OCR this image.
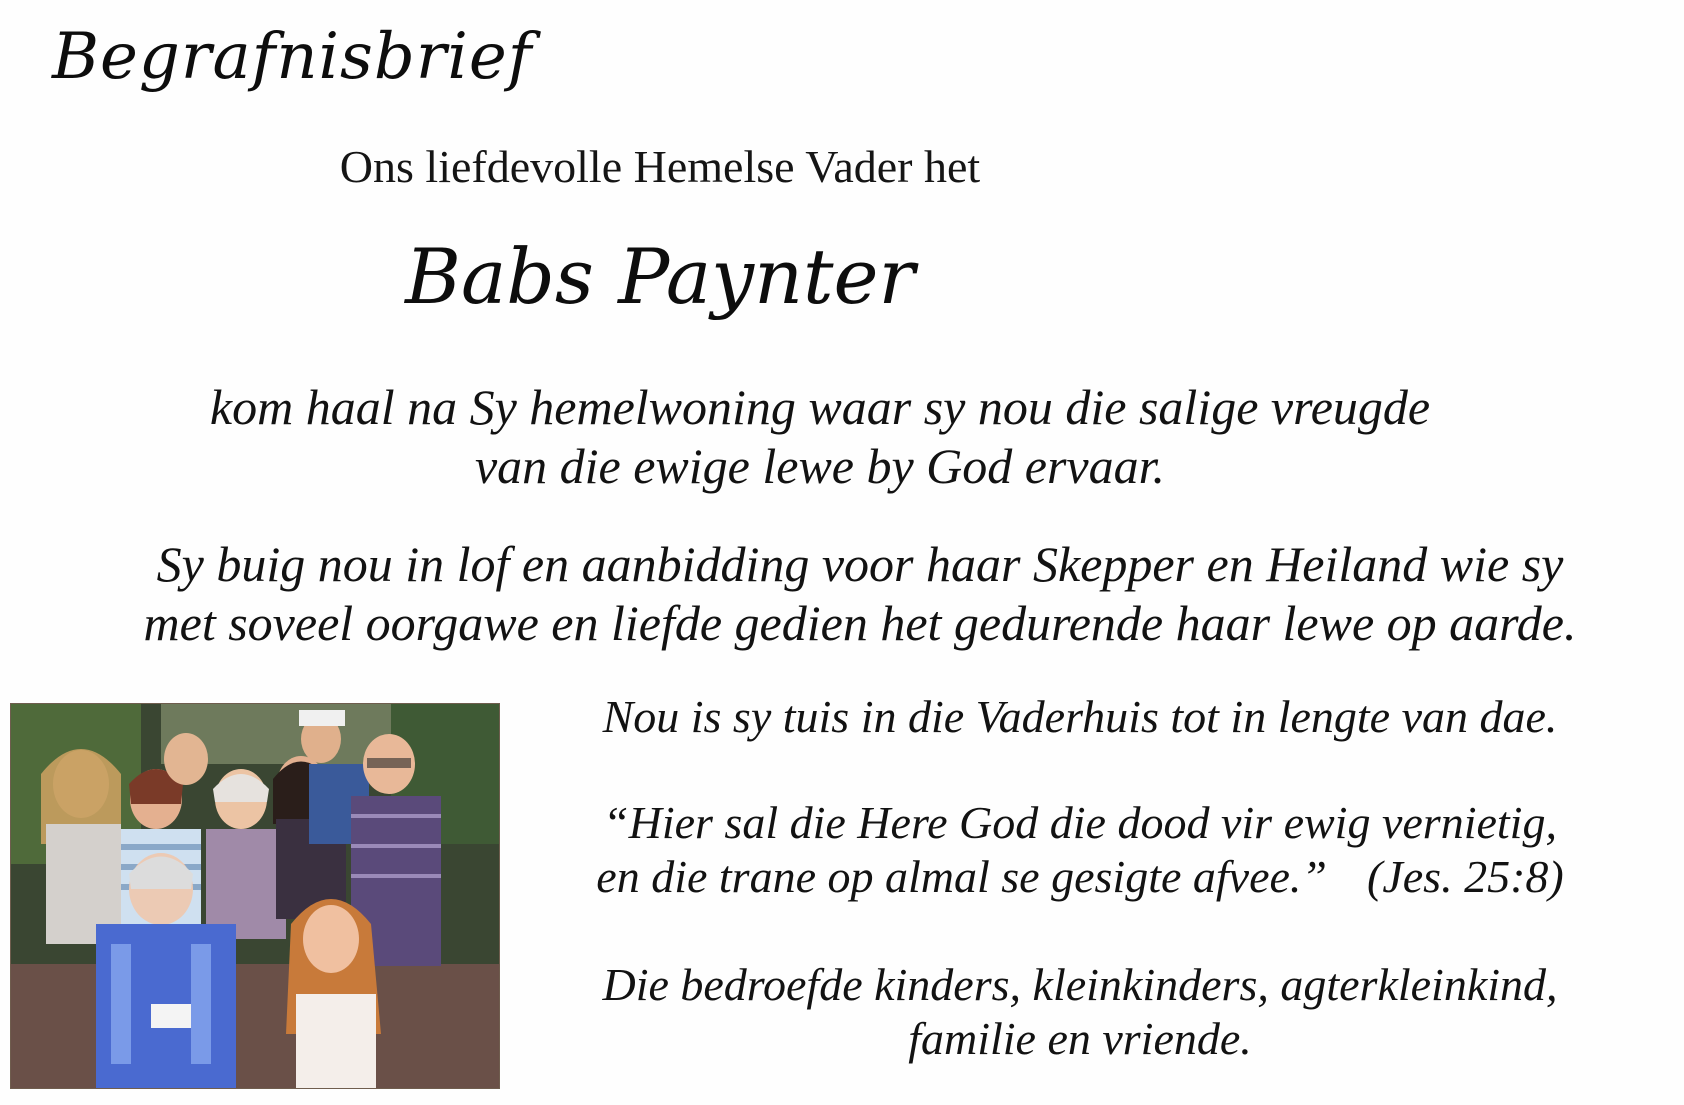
Begrafnisbrief
Ons liefdevolle Hemelse Vader het
Babs Paynter
kom haal na Sy hemelwoning waar sy nou die salige vreugde
van die ewige lewe by God ervaar.
Sy buig nou in lof en aanbidding voor haar Skepper en Heiland wie sy
met soveel oorgawe en liefde gedien het gedurende haar lewe op aarde.
Nou is sy tuis in die Vaderhuis tot in lengte van dae.
“Hier sal die Here God die dood vir ewig vernietig,
en die trane op almal se gesigte afvee.” (Jes. 25:8)
Die bedroefde kinders, kleinkinders, agterkleinkind,
familie en vriende.
